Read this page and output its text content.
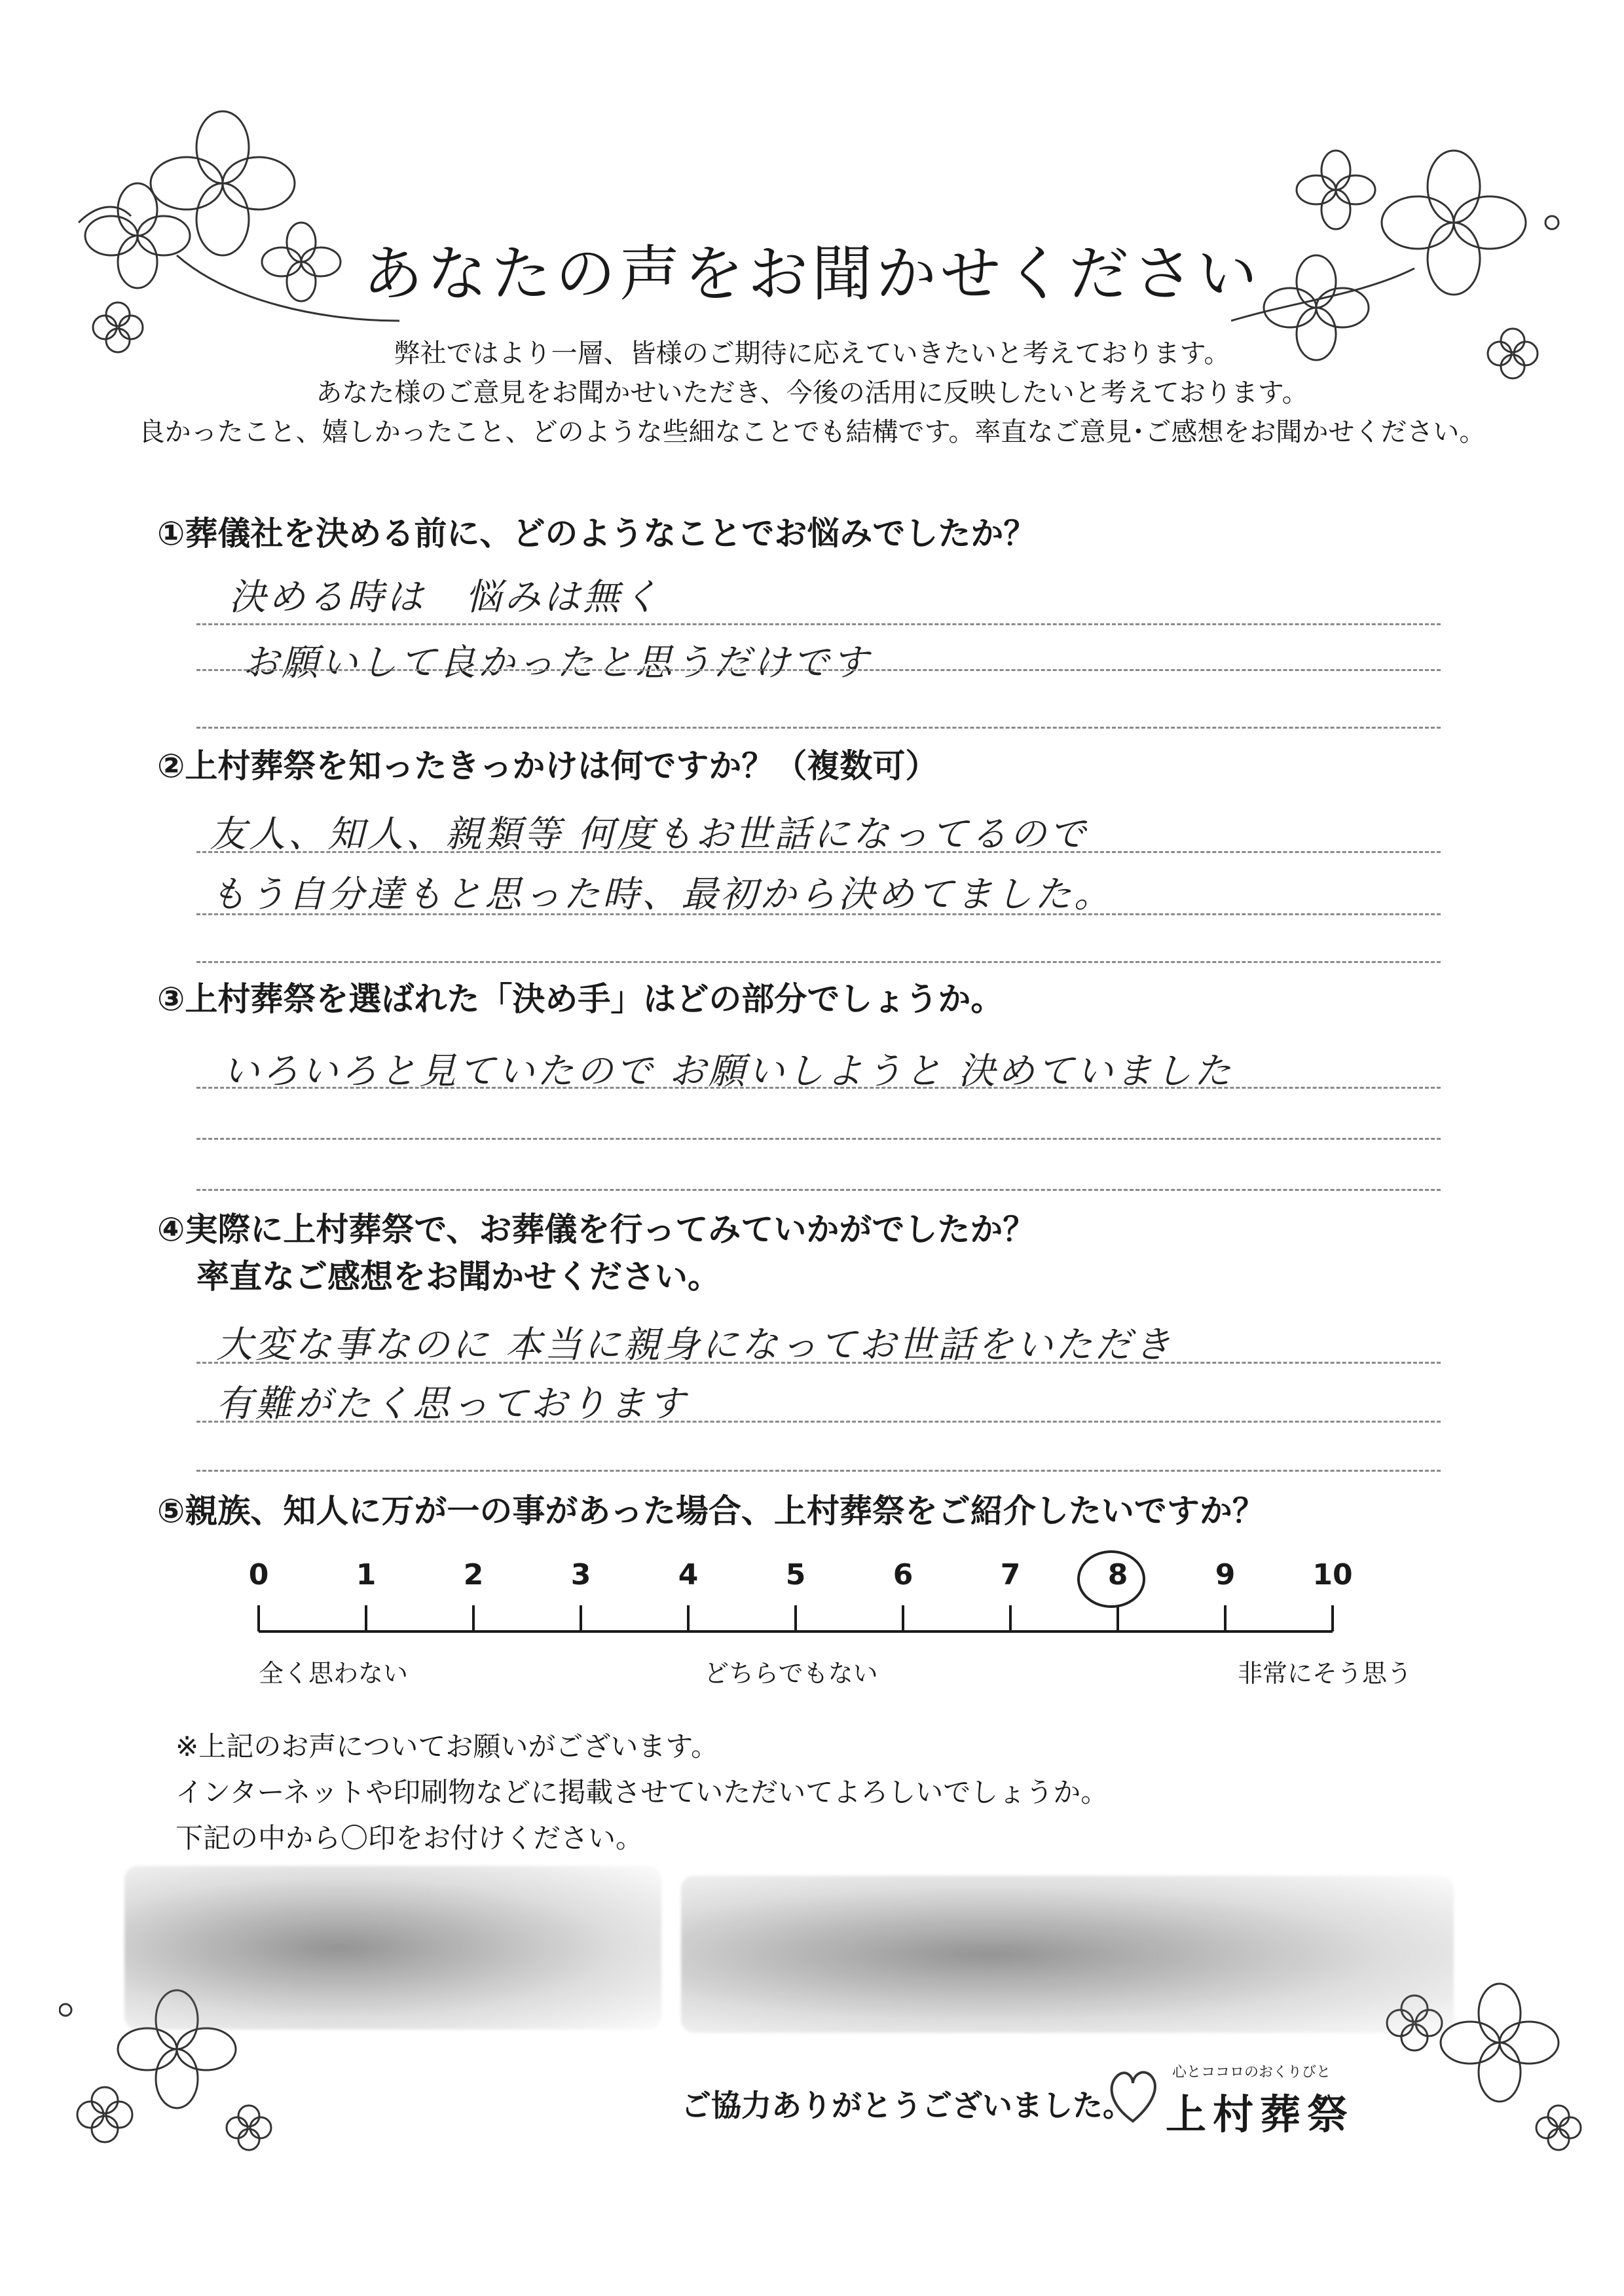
あなたの声をお聞かせください
弊社ではより一層、皆様のご期待に応えていきたいと考えております。
あなた様のご意見をお聞かせいただき、今後の活用に反映したいと考えております。
良かったこと、嬉しかったこと、どのような些細なことでも結構です。率直なご意見･ご感想をお聞かせください。
①葬儀社を決める前に、どのようなことでお悩みでしたか？
決める時は　悩みは無く
お願いして良かったと思うだけです
②上村葬祭を知ったきっかけは何ですか？（複数可）
友人、知人、親類等 何度もお世話になってるので
もう自分達もと思った時、最初から決めてました。
③上村葬祭を選ばれた「決め手」はどの部分でしょうか。
いろいろと見ていたので お願いしようと 決めていました
④実際に上村葬祭で、お葬儀を行ってみていかがでしたか？
率直なご感想をお聞かせください。
大変な事なのに 本当に親身になってお世話をいただき
有難がたく思っております
⑤親族、知人に万が一の事があった場合、上村葬祭をご紹介したいですか？
0	1	2	3	4	5	6	7	8	9	10
全く思わない	どちらでもない	非常にそう思う
※上記のお声についてお願いがございます。
インターネットや印刷物などに掲載させていただいてよろしいでしょうか。
下記の中から〇印をお付けください。
ご協力ありがとうございました。
心とココロのおくりびと
上村葬祭
